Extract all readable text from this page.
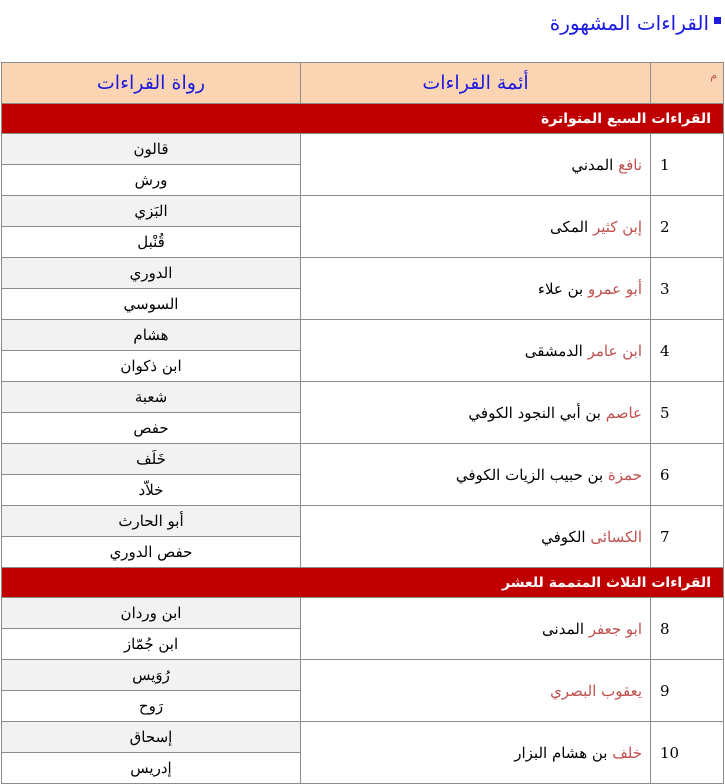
القراءات المشهورة
م	أئمة القراءات	رواة القراءات
القراءات السبع المتواترة		
1	نافع المدني	قالون
		ورش
2	إبن كثير المكى	البَزي
		قُنْبل
3	أبو عمرو بن علاء	الدوري
		السوسي
4	ابن عامر الدمشقى	هشام
		ابن ذكوان
5	عاصم بن أبي النجود الكوفي	شعبة
		حفص
6	حمزة بن حبيب الزيات الكوفي	خَلَف
		خلاّد
7	الكسائى الكوفي	أبو الحارث
		حفص الدوري
القراءات الثلاث المتممة للعشر		
8	ابو جعفر المدنى	ابن وردان
		ابن جُمّاز
9	يعقوب البصري	رُوَيس
		رَوح
10	خلف بن هشام البزار	إسحاق
		إدريس
